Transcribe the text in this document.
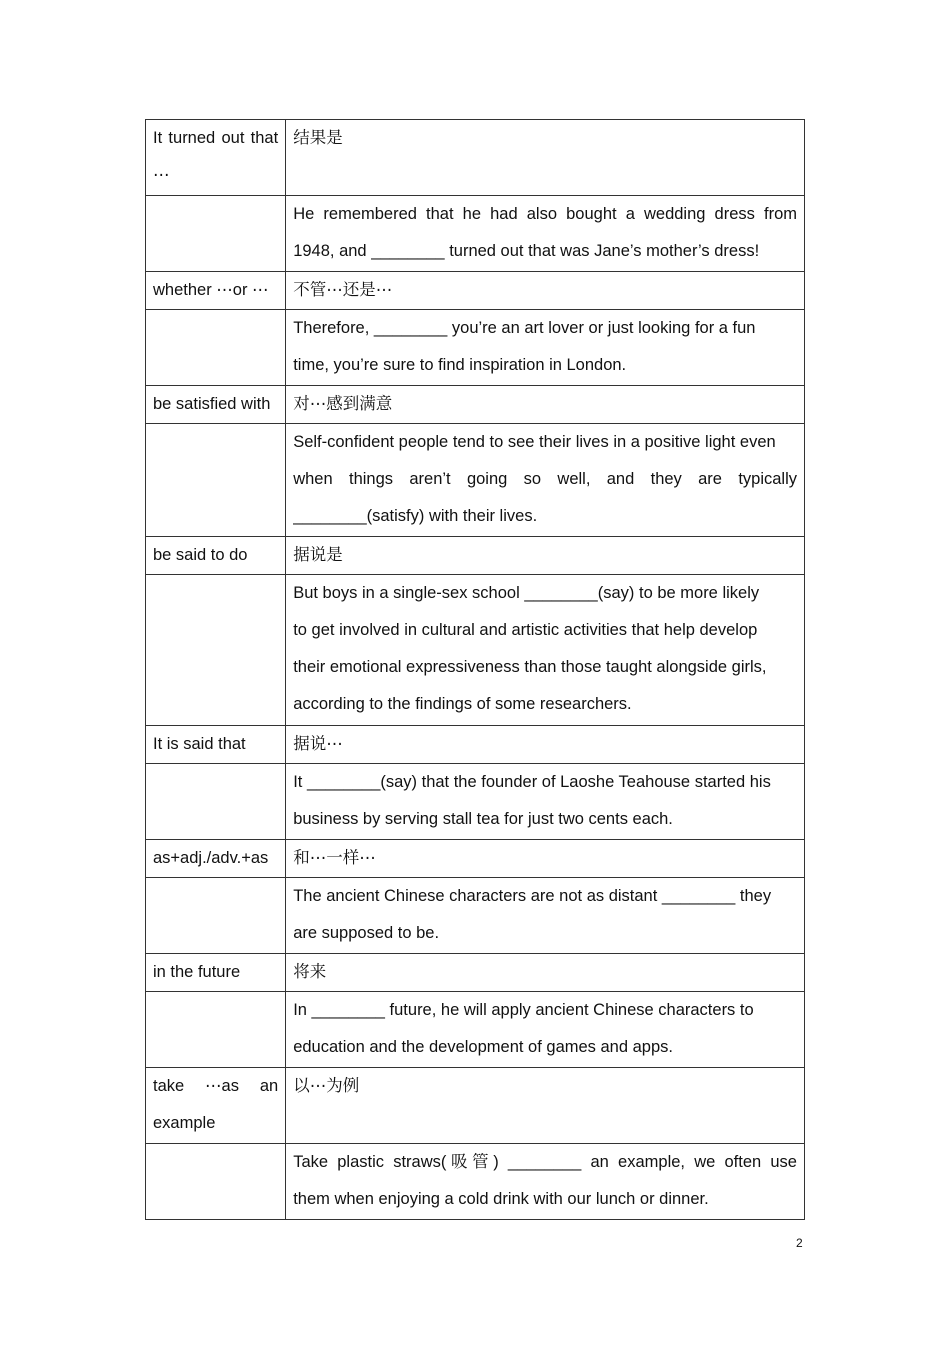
It turned out that ⋯	结果是

	He remembered that he had also bought a wedding dress from
1948, and ________ turned out that was Jane’s mother’s dress!

whether ⋯or ⋯	不管⋯还是⋯

	Therefore, ________ you’re an art lover or just looking for a fun
time, you’re sure to find inspiration in London.

be satisfied with	对⋯感到满意

	Self-confident people tend to see their lives in a positive light even
when things aren’t going so well, and they are typically
________(satisfy) with their lives.

be said to do	据说是

	But boys in a single-sex school ________(say) to be more likely
to get involved in cultural and artistic activities that help develop
their emotional expressiveness than those taught alongside girls,
according to the findings of some researchers.

It is said that	据说⋯

	It ________(say) that the founder of Laoshe Teahouse started his
business by serving stall tea for just two cents each.

as+adj./adv.+as	和⋯一样⋯

	The ancient Chinese characters are not as distant ________ they
are supposed to be.

in the future	将来

	In ________ future, he will apply ancient Chinese characters to
education and the development of games and apps.

take ⋯as an example	以⋯为例

	Take plastic straws(吸管) ________ an example, we often use
them when enjoying a cold drink with our lunch or dinner.
2
